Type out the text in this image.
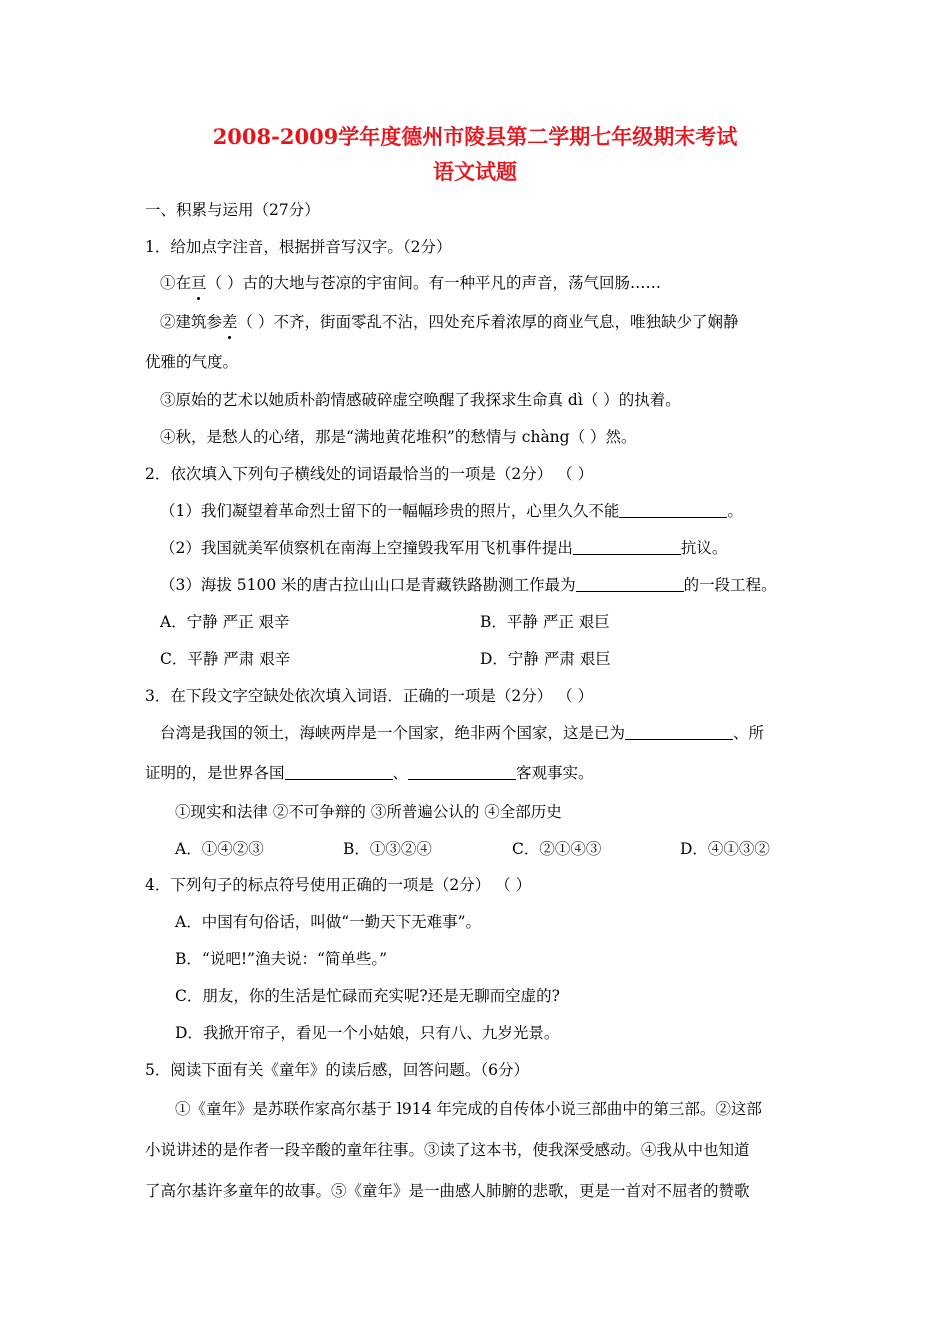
2008-2009学年度德州市陵县第二学期七年级期末考试
语文试题

一、积累与运用（27分）

1．给加点字注音，根据拼音写汉字。（2分）

①在亘（ ）古的大地与苍凉的宇宙间。有一种平凡的声音，荡气回肠……

②建筑参差（ ）不齐，街面零乱不沾，四处充斥着浓厚的商业气息，唯独缺少了娴静

优雅的气度。

③原始的艺术以她质朴韵情感破碎虚空唤醒了我探求生命真 dì（ ）的执着。

④秋，是愁人的心绪，那是“满地黄花堆积”的愁情与 chàng（ ）然。

2．依次填入下列句子横线处的词语最恰当的一项是（2分） （ ）

（1）我们凝望着革命烈士留下的一幅幅珍贵的照片，心里久久不能	。

（2）我国就美军侦察机在南海上空撞毁我军用飞机事件提出	抗议。

（3）海拔 5100 米的唐古拉山山口是青藏铁路勘测工作最为	的一段工程。

A．宁静 严正 艰辛	B．平静 严正 艰巨

C．平静 严肃 艰辛	D．宁静 严肃 艰巨

3．在下段文字空缺处依次填入词语．正确的一项是（2分） （ ）

台湾是我国的领土，海峡两岸是一个国家，绝非两个国家，这是已为	、所

证明的，是世界各国	、	客观事实。

①现实和法律 ②不可争辩的 ③所普遍公认的 ④全部历史

A．①④②③	B．①③②④	C．②①④③	D．④①③②

4．下列句子的标点符号使用正确的一项是（2分） （ ）

A．中国有句俗话，叫做“一勤天下无难事”。

B．“说吧!”渔夫说：“简单些。”

C．朋友，你的生活是忙碌而充实呢?还是无聊而空虚的?

D．我掀开帘子，看见一个小姑娘，只有八、九岁光景。

5．阅读下面有关《童年》的读后感，回答问题。（6分）

①《童年》是苏联作家高尔基于 l914 年完成的自传体小说三部曲中的第三部。②这部

小说讲述的是作者一段辛酸的童年往事。③读了这本书，使我深受感动。④我从中也知道

了高尔基许多童年的故事。⑤《童年》是一曲感人肺腑的悲歌，更是一首对不屈者的赞歌
